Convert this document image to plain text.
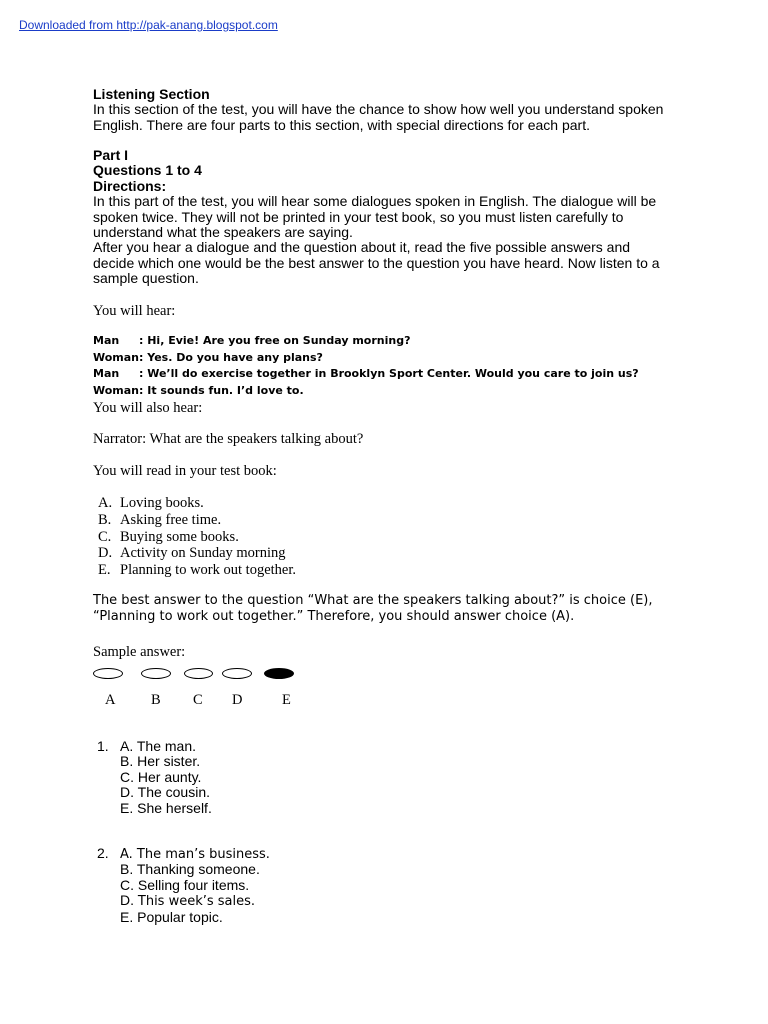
Downloaded from http://pak-anang.blogspot.com
Listening Section
In this section of the test, you will have the chance to show how well you understand spoken
English. There are four parts to this section, with special directions for each part.
Part I
Questions 1 to 4
Directions:
In this part of the test, you will hear some dialogues spoken in English. The dialogue will be
spoken twice. They will not be printed in your test book, so you must listen carefully to
understand what the speakers are saying.
After you hear a dialogue and the question about it, read the five possible answers and
decide which one would be the best answer to the question you have heard. Now listen to a
sample question.
You will hear:
Man : Hi, Evie! Are you free on Sunday morning?
Woman: Yes. Do you have any plans?
Man : We’ll do exercise together in Brooklyn Sport Center. Would you care to join us?
Woman: It sounds fun. I’d love to.
You will also hear:
Narrator: What are the speakers talking about?
You will read in your test book:
A. Loving books.
B. Asking free time.
C. Buying some books.
D. Activity on Sunday morning
E. Planning to work out together.
The best answer to the question “What are the speakers talking about?” is choice (E),
“Planning to work out together.” Therefore, you should answer choice (A).
Sample answer:
A B C D	E
1. A. The man.
B. Her sister.
C. Her aunty.
D. The cousin.
E. She herself.
2. A. The man’s business.
B. Thanking someone.
C. Selling four items.
D. This week’s sales.
E. Popular topic.
